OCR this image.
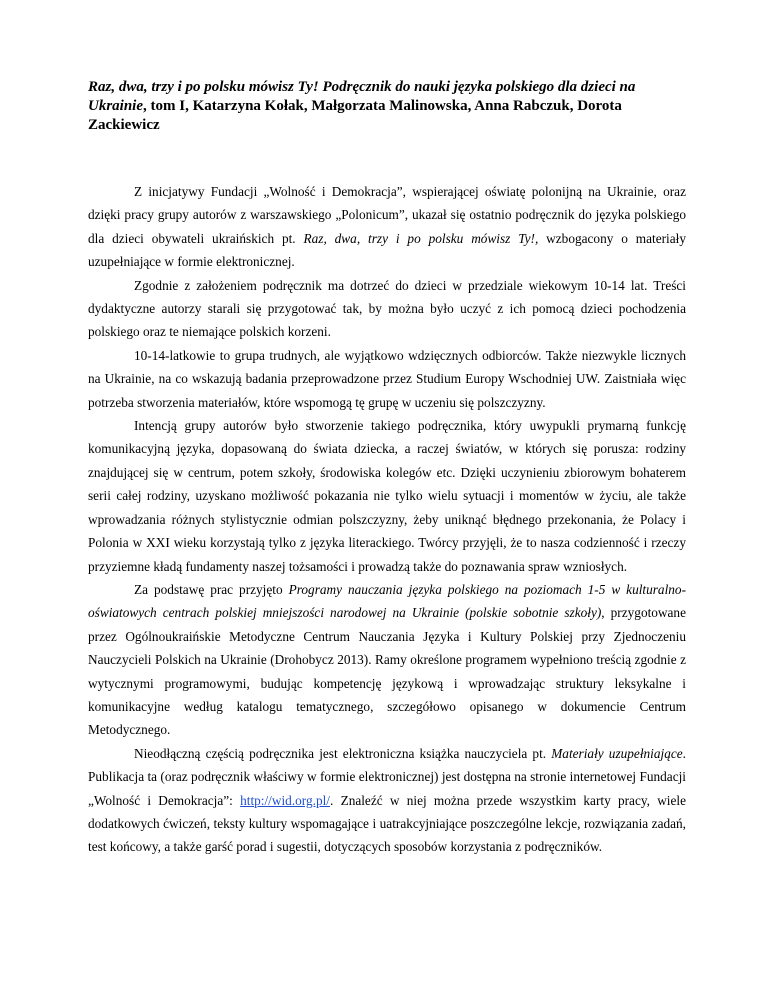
Raz, dwa, trzy i po polsku mówisz Ty! Podręcznik do nauki języka polskiego dla dzieci na Ukrainie, tom I, Katarzyna Kołak, Małgorzata Malinowska, Anna Rabczuk, Dorota Zackiewicz

Z inicjatywy Fundacji „Wolność i Demokracja”, wspierającej oświatę polonijną na Ukrainie, oraz dzięki pracy grupy autorów z warszawskiego „Polonicum”, ukazał się ostatnio podręcznik do języka polskiego dla dzieci obywateli ukraińskich pt. Raz, dwa, trzy i po polsku mówisz Ty!, wzbogacony o materiały uzupełniające w formie elektronicznej.

Zgodnie z założeniem podręcznik ma dotrzeć do dzieci w przedziale wiekowym 10-14 lat. Treści dydaktyczne autorzy starali się przygotować tak, by można było uczyć z ich pomocą dzieci pochodzenia polskiego oraz te niemające polskich korzeni.

10-14-latkowie to grupa trudnych, ale wyjątkowo wdzięcznych odbiorców. Także niezwykle licznych na Ukrainie, na co wskazują badania przeprowadzone przez Studium Europy Wschodniej UW. Zaistniała więc potrzeba stworzenia materiałów, które wspomogą tę grupę w uczeniu się polszczyzny.

Intencją grupy autorów było stworzenie takiego podręcznika, który uwypukli prymarną funkcję komunikacyjną języka, dopasowaną do świata dziecka, a raczej światów, w których się porusza: rodziny znajdującej się w centrum, potem szkoły, środowiska kolegów etc. Dzięki uczynieniu zbiorowym bohaterem serii całej rodziny, uzyskano możliwość pokazania nie tylko wielu sytuacji i momentów w życiu, ale także wprowadzania różnych stylistycznie odmian polszczyzny, żeby uniknąć błędnego przekonania, że Polacy i Polonia w XXI wieku korzystają tylko z języka literackiego. Twórcy przyjęli, że to nasza codzienność i rzeczy przyziemne kładą fundamenty naszej tożsamości i prowadzą także do poznawania spraw wzniosłych.

Za podstawę prac przyjęto Programy nauczania języka polskiego na poziomach 1-5 w kulturalno-oświatowych centrach polskiej mniejszości narodowej na Ukrainie (polskie sobotnie szkoły), przygotowane przez Ogólnoukraińskie Metodyczne Centrum Nauczania Języka i Kultury Polskiej przy Zjednoczeniu Nauczycieli Polskich na Ukrainie (Drohobycz 2013). Ramy określone programem wypełniono treścią zgodnie z wytycznymi programowymi, budując kompetencję językową i wprowadzając struktury leksykalne i komunikacyjne według katalogu tematycznego, szczegółowo opisanego w dokumencie Centrum Metodycznego.

Nieodłączną częścią podręcznika jest elektroniczna książka nauczyciela pt. Materiały uzupełniające. Publikacja ta (oraz podręcznik właściwy w formie elektronicznej) jest dostępna na stronie internetowej Fundacji „Wolność i Demokracja”: http://wid.org.pl/. Znaleźć w niej można przede wszystkim karty pracy, wiele dodatkowych ćwiczeń, teksty kultury wspomagające i uatrakcyjniające poszczególne lekcje, rozwiązania zadań, test końcowy, a także garść porad i sugestii, dotyczących sposobów korzystania z podręczników.
